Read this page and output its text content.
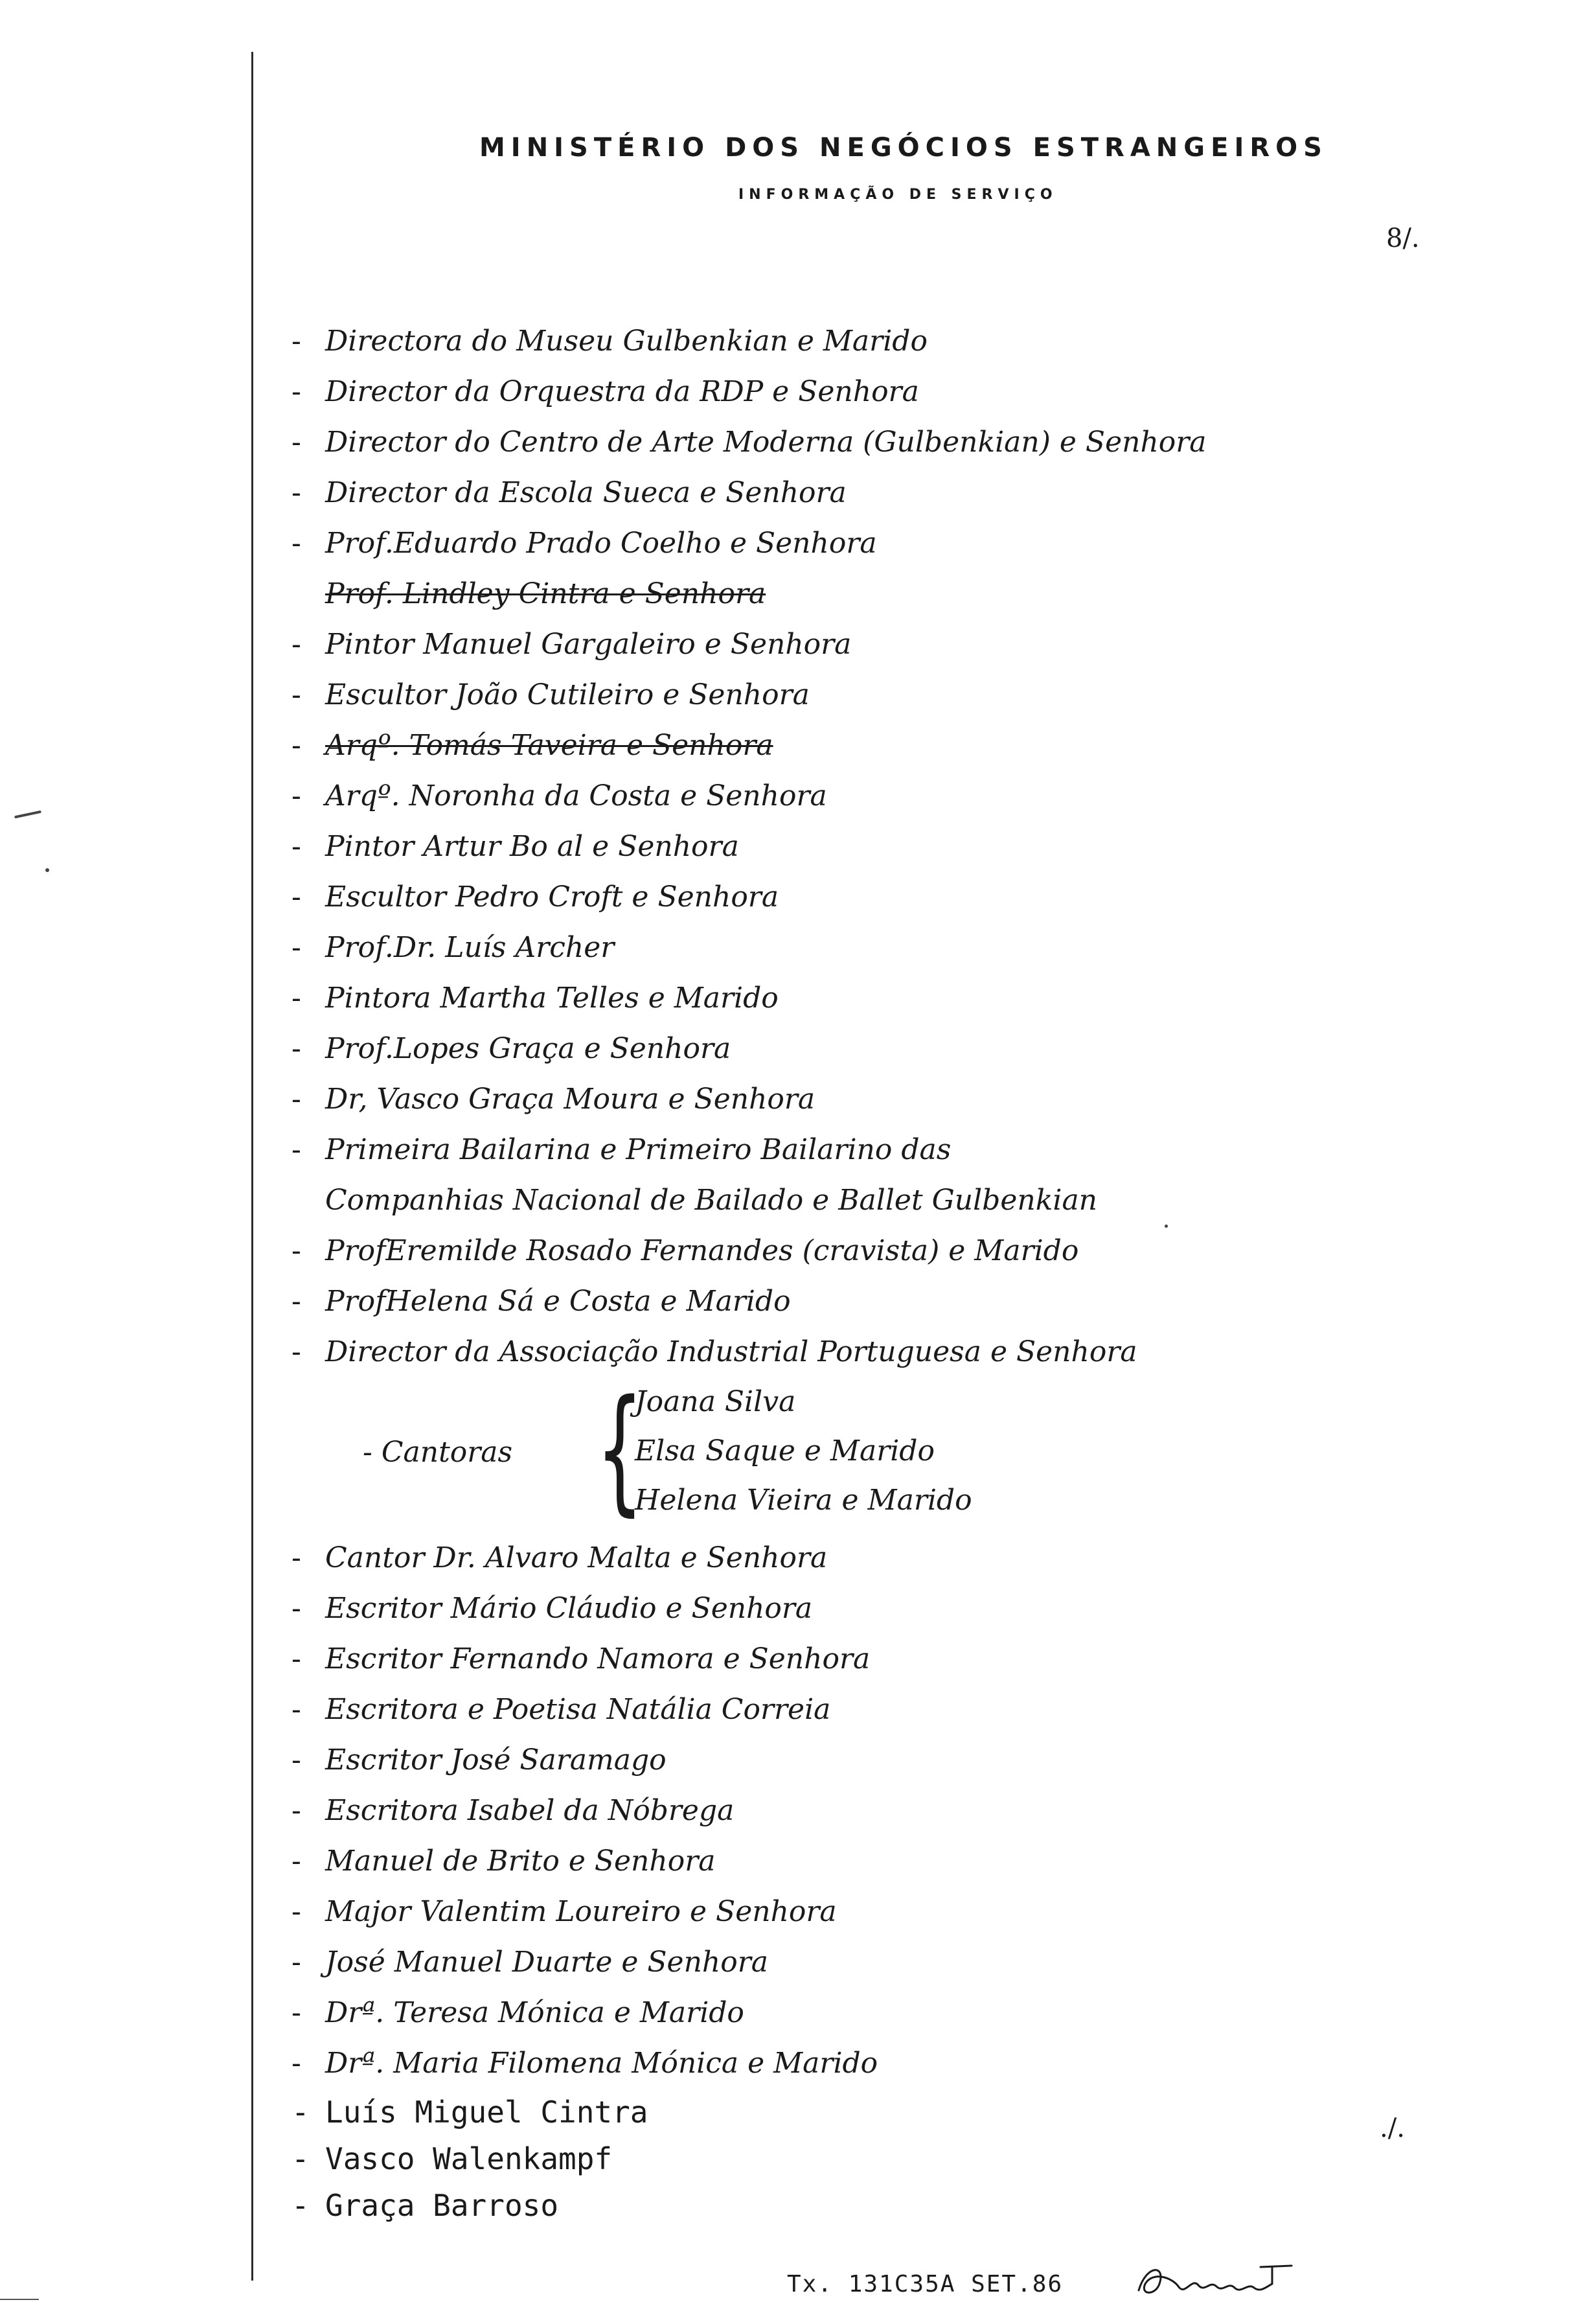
MINISTÉRIO DOS NEGÓCIOS ESTRANGEIROS
INFORMAÇÃO DE SERVIÇO
8/.
- Directora do Museu Gulbenkian e Marido
- Director da Orquestra da RDP e Senhora
- Director do Centro de Arte Moderna (Gulbenkian) e Senhora
- Director da Escola Sueca e Senhora
- Prof.Eduardo Prado Coelho e Senhora
Prof. Lindley Cintra e Senhora
- Pintor Manuel Gargaleiro e Senhora
- Escultor João Cutileiro e Senhora
- Arqº. Tomás Taveira e Senhora
- Arqº. Noronha da Costa e Senhora
- Pintor Artur Bo al e Senhora
- Escultor Pedro Croft e Senhora
- Prof.Dr. Luís Archer
- Pintora Martha Telles e Marido
- Prof.Lopes Graça e Senhora
- Dr, Vasco Graça Moura e Senhora
- Primeira Bailarina e Primeiro Bailarino das
Companhias Nacional de Bailado e Ballet Gulbenkian
- ProfEremilde Rosado Fernandes (cravista) e Marido
- ProfHelena Sá e Costa e Marido
- Director da Associação Industrial Portuguesa e Senhora
- Cantoras {
Joana Silva
Elsa Saque e Marido
Helena Vieira e Marido
- Cantor Dr. Alvaro Malta e Senhora
- Escritor Mário Cláudio e Senhora
- Escritor Fernando Namora e Senhora
- Escritora e Poetisa Natália Correia
- Escritor José Saramago
- Escritora Isabel da Nóbrega
- Manuel de Brito e Senhora
- Major Valentim Loureiro e Senhora
- José Manuel Duarte e Senhora
- Drª. Teresa Mónica e Marido
- Drª. Maria Filomena Mónica e Marido
- Luís Miguel Cintra
- Vasco Walenkampf
- Graça Barroso
./.
Tx. 131C35A SET.86
